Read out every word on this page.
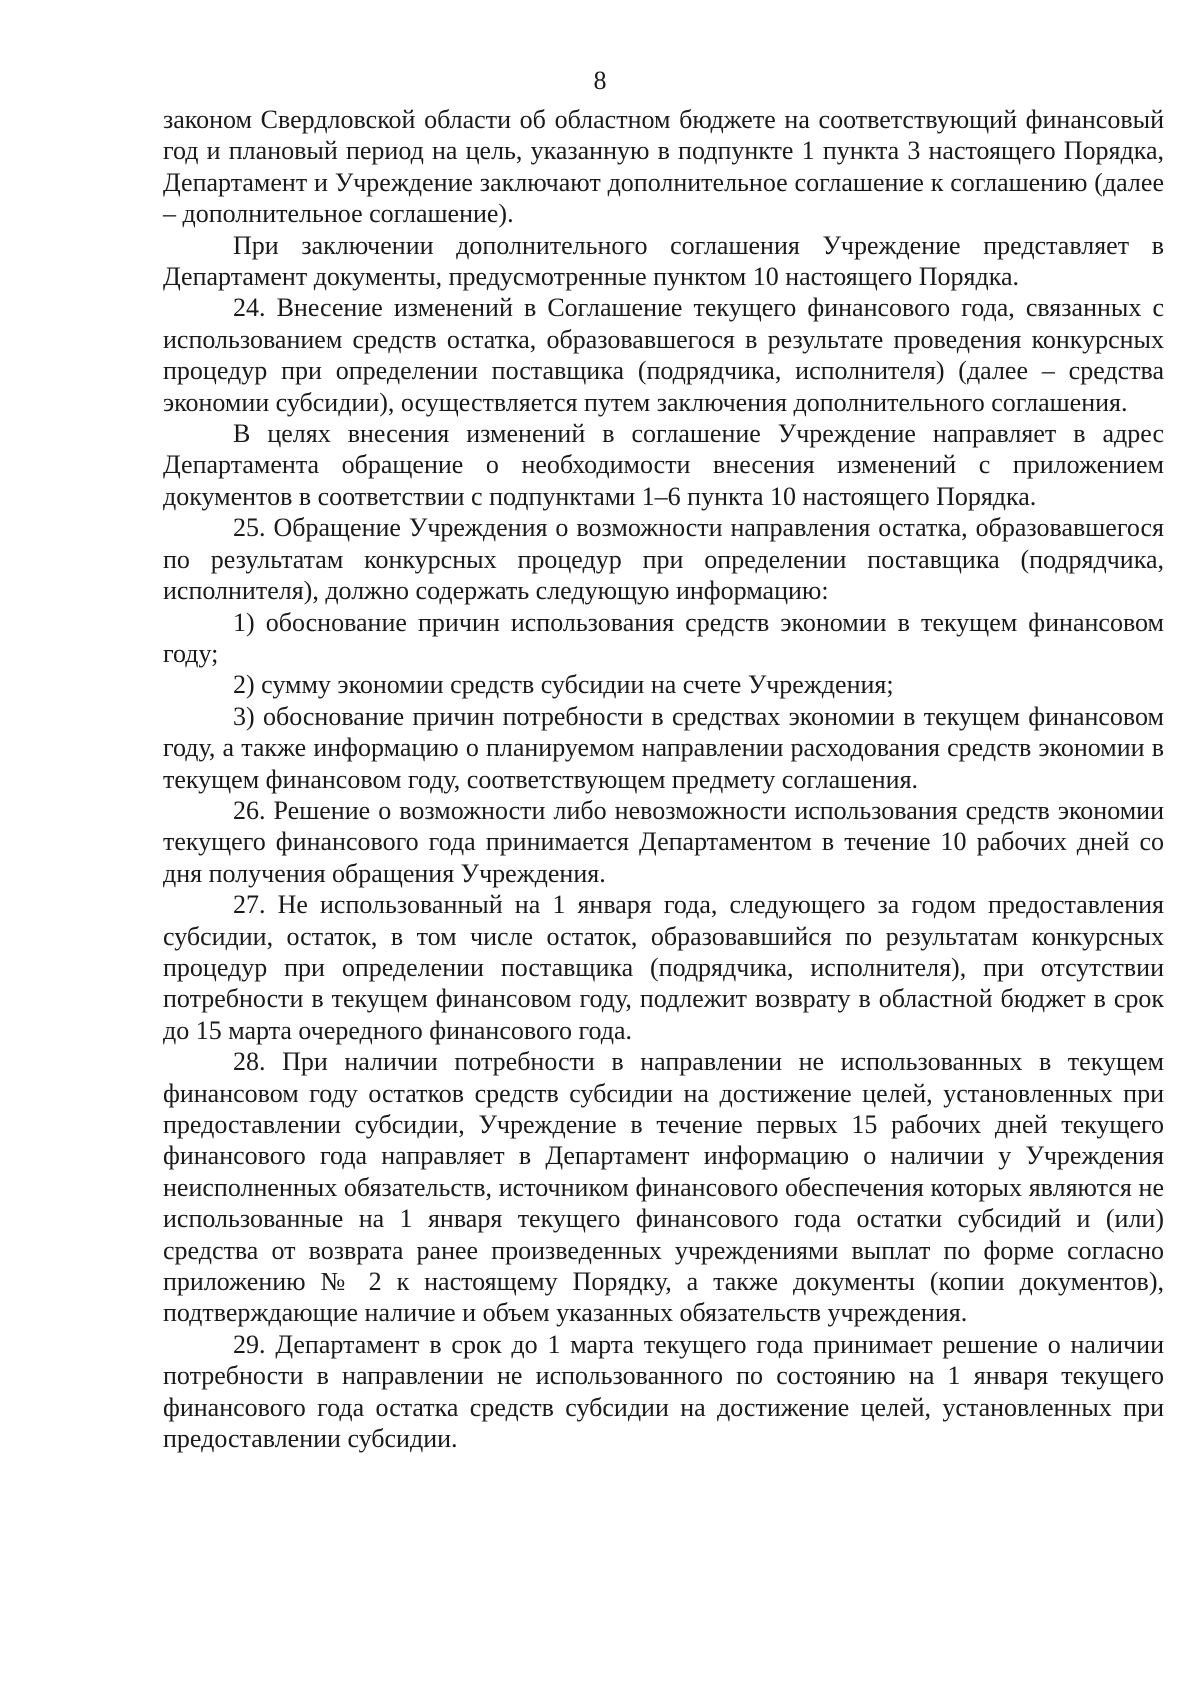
8

законом Свердловской области об областном бюджете на соответствующий финансовый год и плановый период на цель, указанную в подпункте 1 пункта 3 настоящего Порядка, Департамент и Учреждение заключают дополнительное соглашение к соглашению (далее – дополнительное соглашение).

При заключении дополнительного соглашения Учреждение представляет в Департамент документы, предусмотренные пунктом 10 настоящего Порядка.

24. Внесение изменений в Соглашение текущего финансового года, связанных с использованием средств остатка, образовавшегося в результате проведения конкурсных процедур при определении поставщика (подрядчика, исполнителя) (далее – средства экономии субсидии), осуществляется путем заключения дополнительного соглашения.

В целях внесения изменений в соглашение Учреждение направляет в адрес Департамента обращение о необходимости внесения изменений с приложением документов в соответствии с подпунктами 1–6 пункта 10 настоящего Порядка.

25. Обращение Учреждения о возможности направления остатка, образовавшегося по результатам конкурсных процедур при определении поставщика (подрядчика, исполнителя), должно содержать следующую информацию:

1) обоснование причин использования средств экономии в текущем финансовом году;

2) сумму экономии средств субсидии на счете Учреждения;

3) обоснование причин потребности в средствах экономии в текущем финансовом году, а также информацию о планируемом направлении расходования средств экономии в текущем финансовом году, соответствующем предмету соглашения.

26. Решение о возможности либо невозможности использования средств экономии текущего финансового года принимается Департаментом в течение 10 рабочих дней со дня получения обращения Учреждения.

27. Не использованный на 1 января года, следующего за годом предоставления субсидии, остаток, в том числе остаток, образовавшийся по результатам конкурсных процедур при определении поставщика (подрядчика, исполнителя), при отсутствии потребности в текущем финансовом году, подлежит возврату в областной бюджет в срок до 15 марта очередного финансового года.

28. При наличии потребности в направлении не использованных в текущем финансовом году остатков средств субсидии на достижение целей, установленных при предоставлении субсидии, Учреждение в течение первых 15 рабочих дней текущего финансового года направляет в Департамент информацию о наличии у Учреждения неисполненных обязательств, источником финансового обеспечения которых являются не использованные на 1 января текущего финансового года остатки субсидий и (или) средства от возврата ранее произведенных учреждениями выплат по форме согласно приложению № 2 к настоящему Порядку, а также документы (копии документов), подтверждающие наличие и объем указанных обязательств учреждения.

29. Департамент в срок до 1 марта текущего года принимает решение о наличии потребности в направлении не использованного по состоянию на 1 января текущего финансового года остатка средств субсидии на достижение целей, установленных при предоставлении субсидии.
